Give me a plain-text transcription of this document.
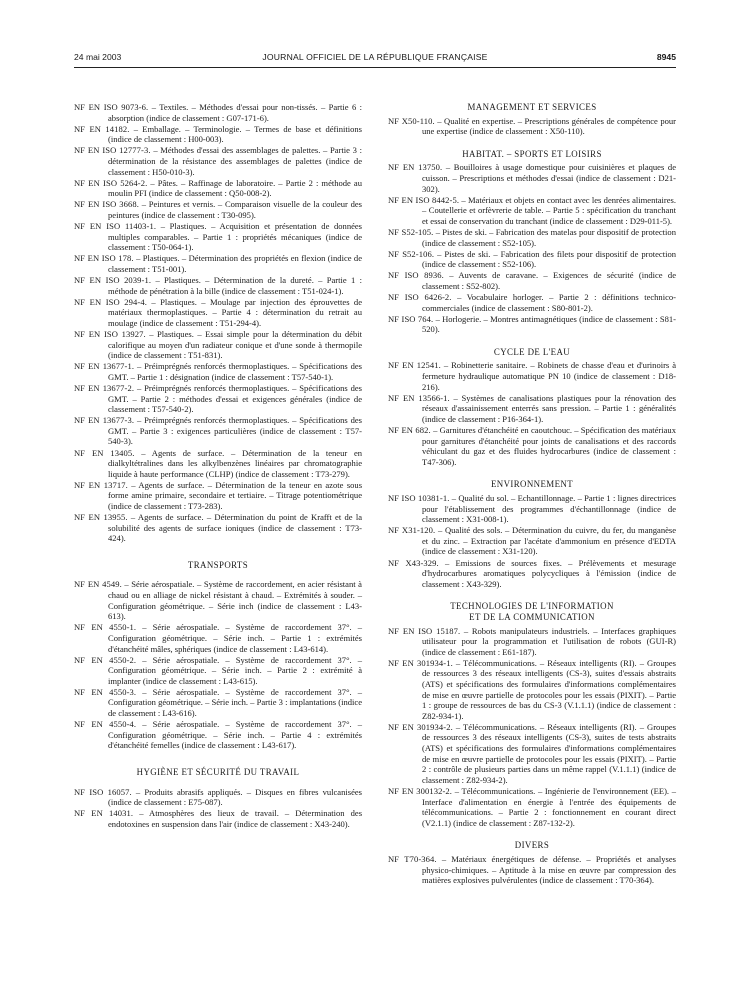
24 mai 2003	JOURNAL OFFICIEL DE LA RÉPUBLIQUE FRANÇAISE	8945
NF EN ISO 9073-6. – Textiles. – Méthodes d'essai pour non-tissés. – Partie 6 : absorption (indice de classement : G07-171-6).
NF EN 14182. – Emballage. – Terminologie. – Termes de base et définitions (indice de classement : H00-003).
NF EN ISO 12777-3. – Méthodes d'essai des assemblages de palettes. – Partie 3 : détermination de la résistance des assemblages de palettes (indice de classement : H50-010-3).
NF EN ISO 5264-2. – Pâtes. – Raffinage de laboratoire. – Partie 2 : méthode au moulin PFI (indice de classement : Q50-008-2).
NF EN ISO 3668. – Peintures et vernis. – Comparaison visuelle de la couleur des peintures (indice de classement : T30-095).
NF EN ISO 11403-1. – Plastiques. – Acquisition et présentation de données multiples comparables. – Partie 1 : propriétés mécaniques (indice de classement : T50-064-1).
NF EN ISO 178. – Plastiques. – Détermination des propriétés en flexion (indice de classement : T51-001).
NF EN ISO 2039-1. – Plastiques. – Détermination de la dureté. – Partie 1 : méthode de pénétration à la bille (indice de classement : T51-024-1).
NF EN ISO 294-4. – Plastiques. – Moulage par injection des éprouvettes de matériaux thermoplastiques. – Partie 4 : détermination du retrait au moulage (indice de classement : T51-294-4).
NF EN ISO 13927. – Plastiques. – Essai simple pour la détermination du débit calorifique au moyen d'un radiateur conique et d'une sonde à thermopile (indice de classement : T51-831).
NF EN 13677-1. – Préimprégnés renforcés thermoplastiques. – Spécifications des GMT. – Partie 1 : désignation (indice de classement : T57-540-1).
NF EN 13677-2. – Préimprégnés renforcés thermoplastiques. – Spécifications des GMT. – Partie 2 : méthodes d'essai et exigences générales (indice de classement : T57-540-2).
NF EN 13677-3. – Préimprégnés renforcés thermoplastiques. – Spécifications des GMT. – Partie 3 : exigences particulières (indice de classement : T57-540-3).
NF EN 13405. – Agents de surface. – Détermination de la teneur en dialkyltétralines dans les alkylbenzènes linéaires par chromatographie liquide à haute performance (CLHP) (indice de classement : T73-279).
NF EN 13717. – Agents de surface. – Détermination de la teneur en azote sous forme amine primaire, secondaire et tertiaire. – Titrage potentiométrique (indice de classement : T73-283).
NF EN 13955. – Agents de surface. – Détermination du point de Krafft et de la solubilité des agents de surface ioniques (indice de classement : T73-424).
TRANSPORTS
NF EN 4549. – Série aérospatiale. – Système de raccordement, en acier résistant à chaud ou en alliage de nickel résistant à chaud. – Extrémités à souder. – Configuration géométrique. – Série inch (indice de classement : L43-613).
NF EN 4550-1. – Série aérospatiale. – Système de raccordement 37°. – Configuration géométrique. – Série inch. – Partie 1 : extrémités d'étanchéité mâles, sphériques (indice de classement : L43-614).
NF EN 4550-2. – Série aérospatiale. – Système de raccordement 37°. – Configuration géométrique. – Série inch. – Partie 2 : extrémité à implanter (indice de classement : L43-615).
NF EN 4550-3. – Série aérospatiale. – Système de raccordement 37°. – Configuration géométrique. – Série inch. – Partie 3 : implantations (indice de classement : L43-616).
NF EN 4550-4. – Série aérospatiale. – Système de raccordement 37°. – Configuration géométrique. – Série inch. – Partie 4 : extrémités d'étanchéité femelles (indice de classement : L43-617).
HYGIÈNE ET SÉCURITÉ DU TRAVAIL
NF ISO 16057. – Produits abrasifs appliqués. – Disques en fibres vulcanisées (indice de classement : E75-087).
NF EN 14031. – Atmosphères des lieux de travail. – Détermination des endotoxines en suspension dans l'air (indice de classement : X43-240).
MANAGEMENT ET SERVICES
NF X50-110. – Qualité en expertise. – Prescriptions générales de compétence pour une expertise (indice de classement : X50-110).
HABITAT. – SPORTS ET LOISIRS
NF EN 13750. – Bouilloires à usage domestique pour cuisinières et plaques de cuisson. – Prescriptions et méthodes d'essai (indice de classement : D21-302).
NF EN ISO 8442-5. – Matériaux et objets en contact avec les denrées alimentaires. – Coutellerie et orfèvrerie de table. – Partie 5 : spécification du tranchant et essai de conservation du tranchant (indice de classement : D29-011-5).
NF S52-105. – Pistes de ski. – Fabrication des matelas pour dispositif de protection (indice de classement : S52-105).
NF S52-106. – Pistes de ski. – Fabrication des filets pour dispositif de protection (indice de classement : S52-106).
NF ISO 8936. – Auvents de caravane. – Exigences de sécurité (indice de classement : S52-802).
NF ISO 6426-2. – Vocabulaire horloger. – Partie 2 : définitions technico-commerciales (indice de classement : S80-801-2).
NF ISO 764. – Horlogerie. – Montres antimagnétiques (indice de classement : S81-520).
CYCLE DE L'EAU
NF EN 12541. – Robinetterie sanitaire. – Robinets de chasse d'eau et d'urinoirs à fermeture hydraulique automatique PN 10 (indice de classement : D18-216).
NF EN 13566-1. – Systèmes de canalisations plastiques pour la rénovation des réseaux d'assainissement enterrés sans pression. – Partie 1 : généralités (indice de classement : P16-364-1).
NF EN 682. – Garnitures d'étanchéité en caoutchouc. – Spécification des matériaux pour garnitures d'étanchéité pour joints de canalisations et des raccords véhiculant du gaz et des fluides hydrocarbures (indice de classement : T47-306).
ENVIRONNEMENT
NF ISO 10381-1. – Qualité du sol. – Echantillonnage. – Partie 1 : lignes directrices pour l'établissement des programmes d'échantillonnage (indice de classement : X31-008-1).
NF X31-120. – Qualité des sols. – Détermination du cuivre, du fer, du manganèse et du zinc. – Extraction par l'acétate d'ammonium en présence d'EDTA (indice de classement : X31-120).
NF X43-329. – Emissions de sources fixes. – Prélèvements et mesurage d'hydrocarbures aromatiques polycycliques à l'émission (indice de classement : X43-329).
TECHNOLOGIES DE L'INFORMATION
ET DE LA COMMUNICATION
NF EN ISO 15187. – Robots manipulateurs industriels. – Interfaces graphiques utilisateur pour la programmation et l'utilisation de robots (GUI-R) (indice de classement : E61-187).
NF EN 301934-1. – Télécommunications. – Réseaux intelligents (RI). – Groupes de ressources 3 des réseaux intelligents (CS-3), suites d'essais abstraits (ATS) et spécifications des formulaires d'informations complémentaires de mise en œuvre partielle de protocoles pour les essais (PIXIT). – Partie 1 : groupe de ressources de bas du CS-3 (V.1.1.1) (indice de classement : Z82-934-1).
NF EN 301934-2. – Télécommunications. – Réseaux intelligents (RI). – Groupes de ressources 3 des réseaux intelligents (CS-3), suites de tests abstraits (ATS) et spécifications des formulaires d'informations complémentaires de mise en œuvre partielle de protocoles pour les essais (PIXIT). – Partie 2 : contrôle de plusieurs parties dans un même rappel (V.1.1.1) (indice de classement : Z82-934-2).
NF EN 300132-2. – Télécommunications. – Ingénierie de l'environnement (EE). – Interface d'alimentation en énergie à l'entrée des équipements de télécommunications. – Partie 2 : fonctionnement en courant direct (V2.1.1) (indice de classement : Z87-132-2).
DIVERS
NF T70-364. – Matériaux énergétiques de défense. – Propriétés et analyses physico-chimiques. – Aptitude à la mise en œuvre par compression des matières explosives pulvérulentes (indice de classement : T70-364).
